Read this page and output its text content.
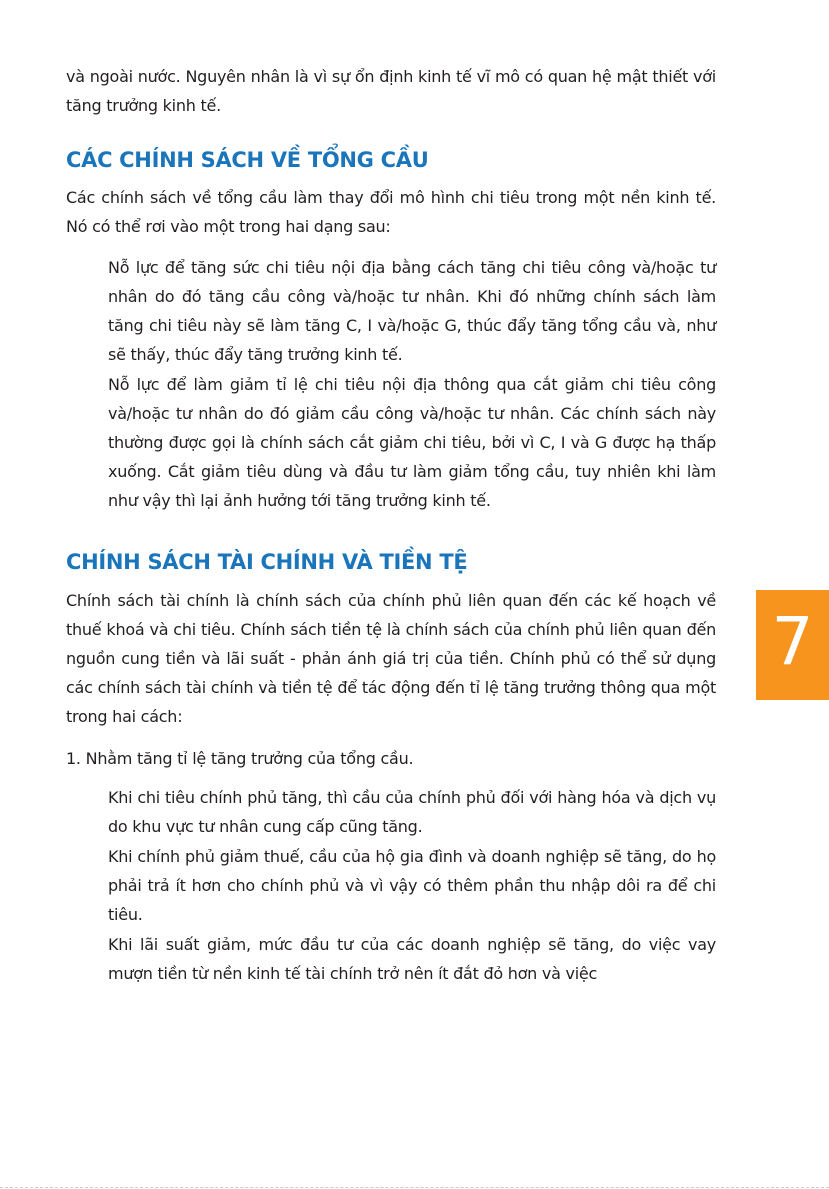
và ngoài nước. Nguyên nhân là vì sự ổn định kinh tế vĩ mô có quan hệ mật thiết với tăng trưởng kinh tế.

CÁC CHÍNH SÁCH VỀ TỔNG CẦU

Các chính sách về tổng cầu làm thay đổi mô hình chi tiêu trong một nền kinh tế. Nó có thể rơi vào một trong hai dạng sau:

Nỗ lực để tăng sức chi tiêu nội địa bằng cách tăng chi tiêu công và/hoặc tư nhân do đó tăng cầu công và/hoặc tư nhân. Khi đó những chính sách làm tăng chi tiêu này sẽ làm tăng C, I và/hoặc G, thúc đẩy tăng tổng cầu và, như sẽ thấy, thúc đẩy tăng trưởng kinh tế.

Nỗ lực để làm giảm tỉ lệ chi tiêu nội địa thông qua cắt giảm chi tiêu công và/hoặc tư nhân do đó giảm cầu công và/hoặc tư nhân. Các chính sách này thường được gọi là chính sách cắt giảm chi tiêu, bởi vì C, I và G được hạ thấp xuống. Cắt giảm tiêu dùng và đầu tư làm giảm tổng cầu, tuy nhiên khi làm như vậy thì lại ảnh hưởng tới tăng trưởng kinh tế.

CHÍNH SÁCH TÀI CHÍNH VÀ TIỀN TỆ

Chính sách tài chính là chính sách của chính phủ liên quan đến các kế hoạch về thuế khoá và chi tiêu. Chính sách tiền tệ là chính sách của chính phủ liên quan đến nguồn cung tiền và lãi suất - phản ánh giá trị của tiền. Chính phủ có thể sử dụng các chính sách tài chính và tiền tệ để tác động đến tỉ lệ tăng trưởng thông qua một trong hai cách:

1. Nhằm tăng tỉ lệ tăng trưởng của tổng cầu.

Khi chi tiêu chính phủ tăng, thì cầu của chính phủ đối với hàng hóa và dịch vụ do khu vực tư nhân cung cấp cũng tăng.

Khi chính phủ giảm thuế, cầu của hộ gia đình và doanh nghiệp sẽ tăng, do họ phải trả ít hơn cho chính phủ và vì vậy có thêm phần thu nhập dôi ra để chi tiêu.

Khi lãi suất giảm, mức đầu tư của các doanh nghiệp sẽ tăng, do việc vay mượn tiền từ nền kinh tế tài chính trở nên ít đắt đỏ hơn và việc

7
